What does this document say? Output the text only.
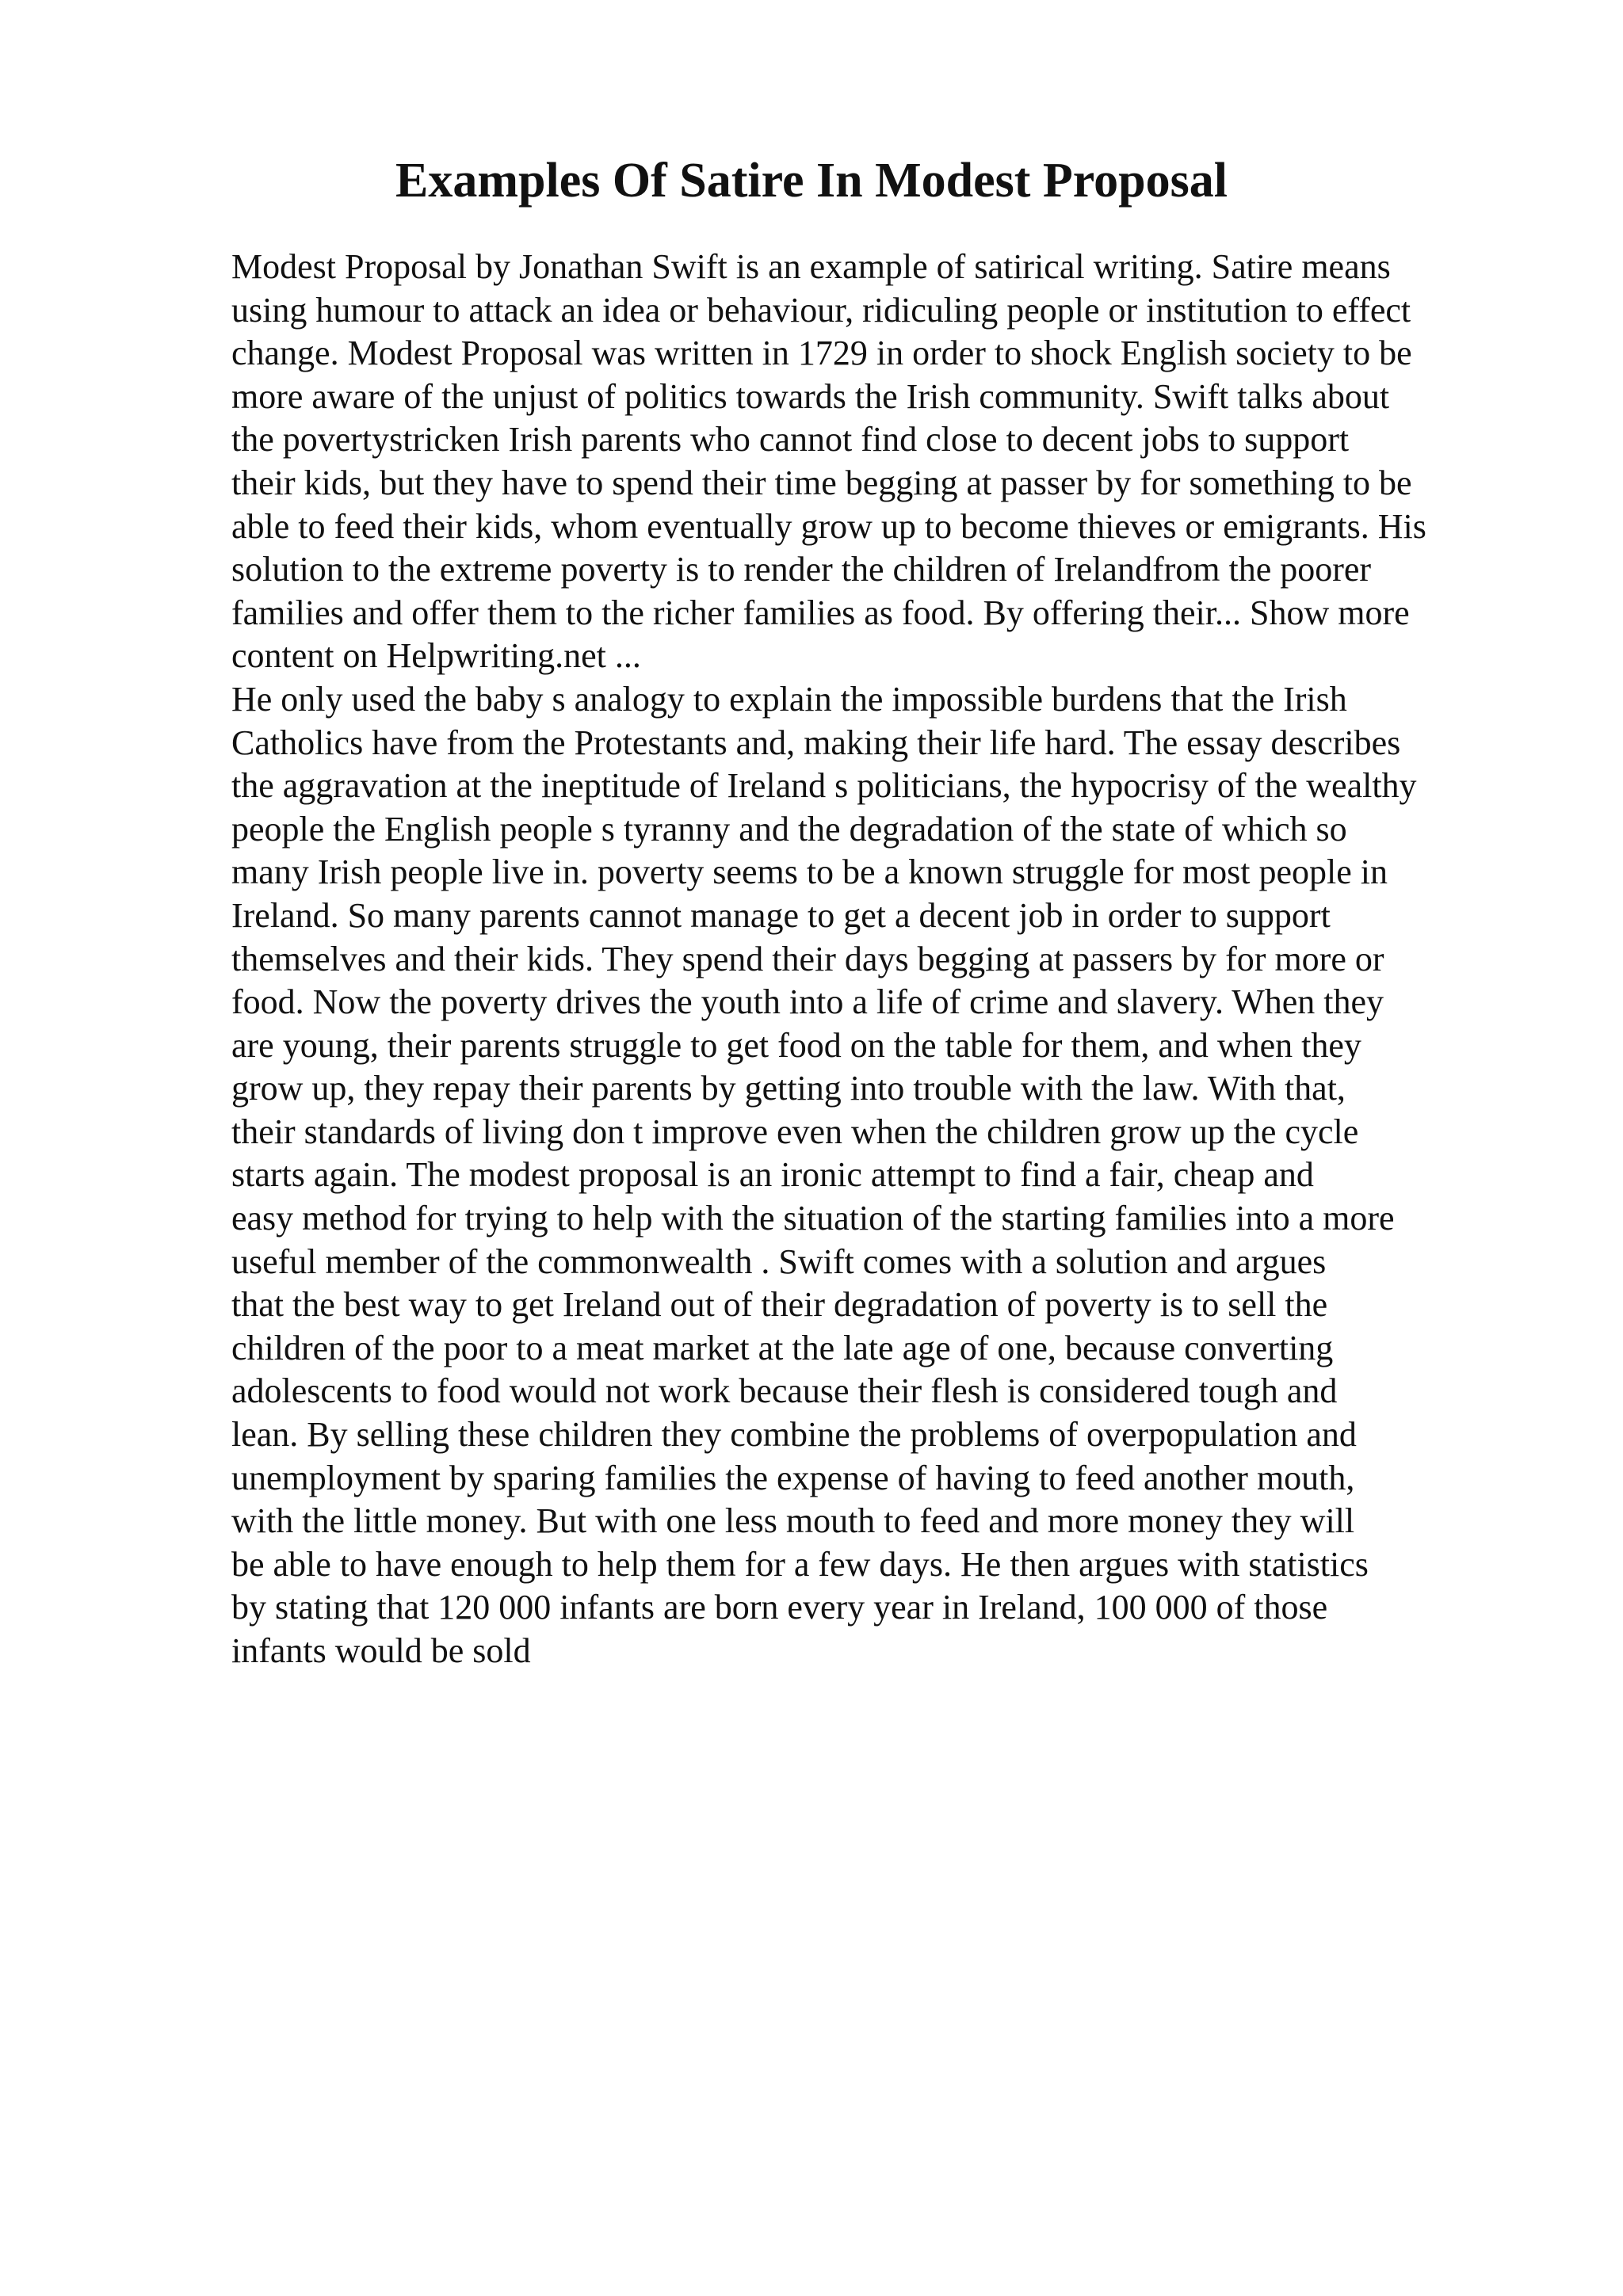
Examples Of Satire In Modest Proposal
Modest Proposal by Jonathan Swift is an example of satirical writing. Satire means
using humour to attack an idea or behaviour, ridiculing people or institution to effect
change. Modest Proposal was written in 1729 in order to shock English society to be
more aware of the unjust of politics towards the Irish community. Swift talks about
the povertystricken Irish parents who cannot find close to decent jobs to support
their kids, but they have to spend their time begging at passer by for something to be
able to feed their kids, whom eventually grow up to become thieves or emigrants. His
solution to the extreme poverty is to render the children of Irelandfrom the poorer
families and offer them to the richer families as food. By offering their... Show more
content on Helpwriting.net ...
He only used the baby s analogy to explain the impossible burdens that the Irish
Catholics have from the Protestants and, making their life hard. The essay describes
the aggravation at the ineptitude of Ireland s politicians, the hypocrisy of the wealthy
people the English people s tyranny and the degradation of the state of which so
many Irish people live in. poverty seems to be a known struggle for most people in
Ireland. So many parents cannot manage to get a decent job in order to support
themselves and their kids. They spend their days begging at passers by for more or
food. Now the poverty drives the youth into a life of crime and slavery. When they
are young, their parents struggle to get food on the table for them, and when they
grow up, they repay their parents by getting into trouble with the law. With that,
their standards of living don t improve even when the children grow up the cycle
starts again. The modest proposal is an ironic attempt to find a fair, cheap and
easy method for trying to help with the situation of the starting families into a more
useful member of the commonwealth . Swift comes with a solution and argues
that the best way to get Ireland out of their degradation of poverty is to sell the
children of the poor to a meat market at the late age of one, because converting
adolescents to food would not work because their flesh is considered tough and
lean. By selling these children they combine the problems of overpopulation and
unemployment by sparing families the expense of having to feed another mouth,
with the little money. But with one less mouth to feed and more money they will
be able to have enough to help them for a few days. He then argues with statistics
by stating that 120 000 infants are born every year in Ireland, 100 000 of those
infants would be sold
